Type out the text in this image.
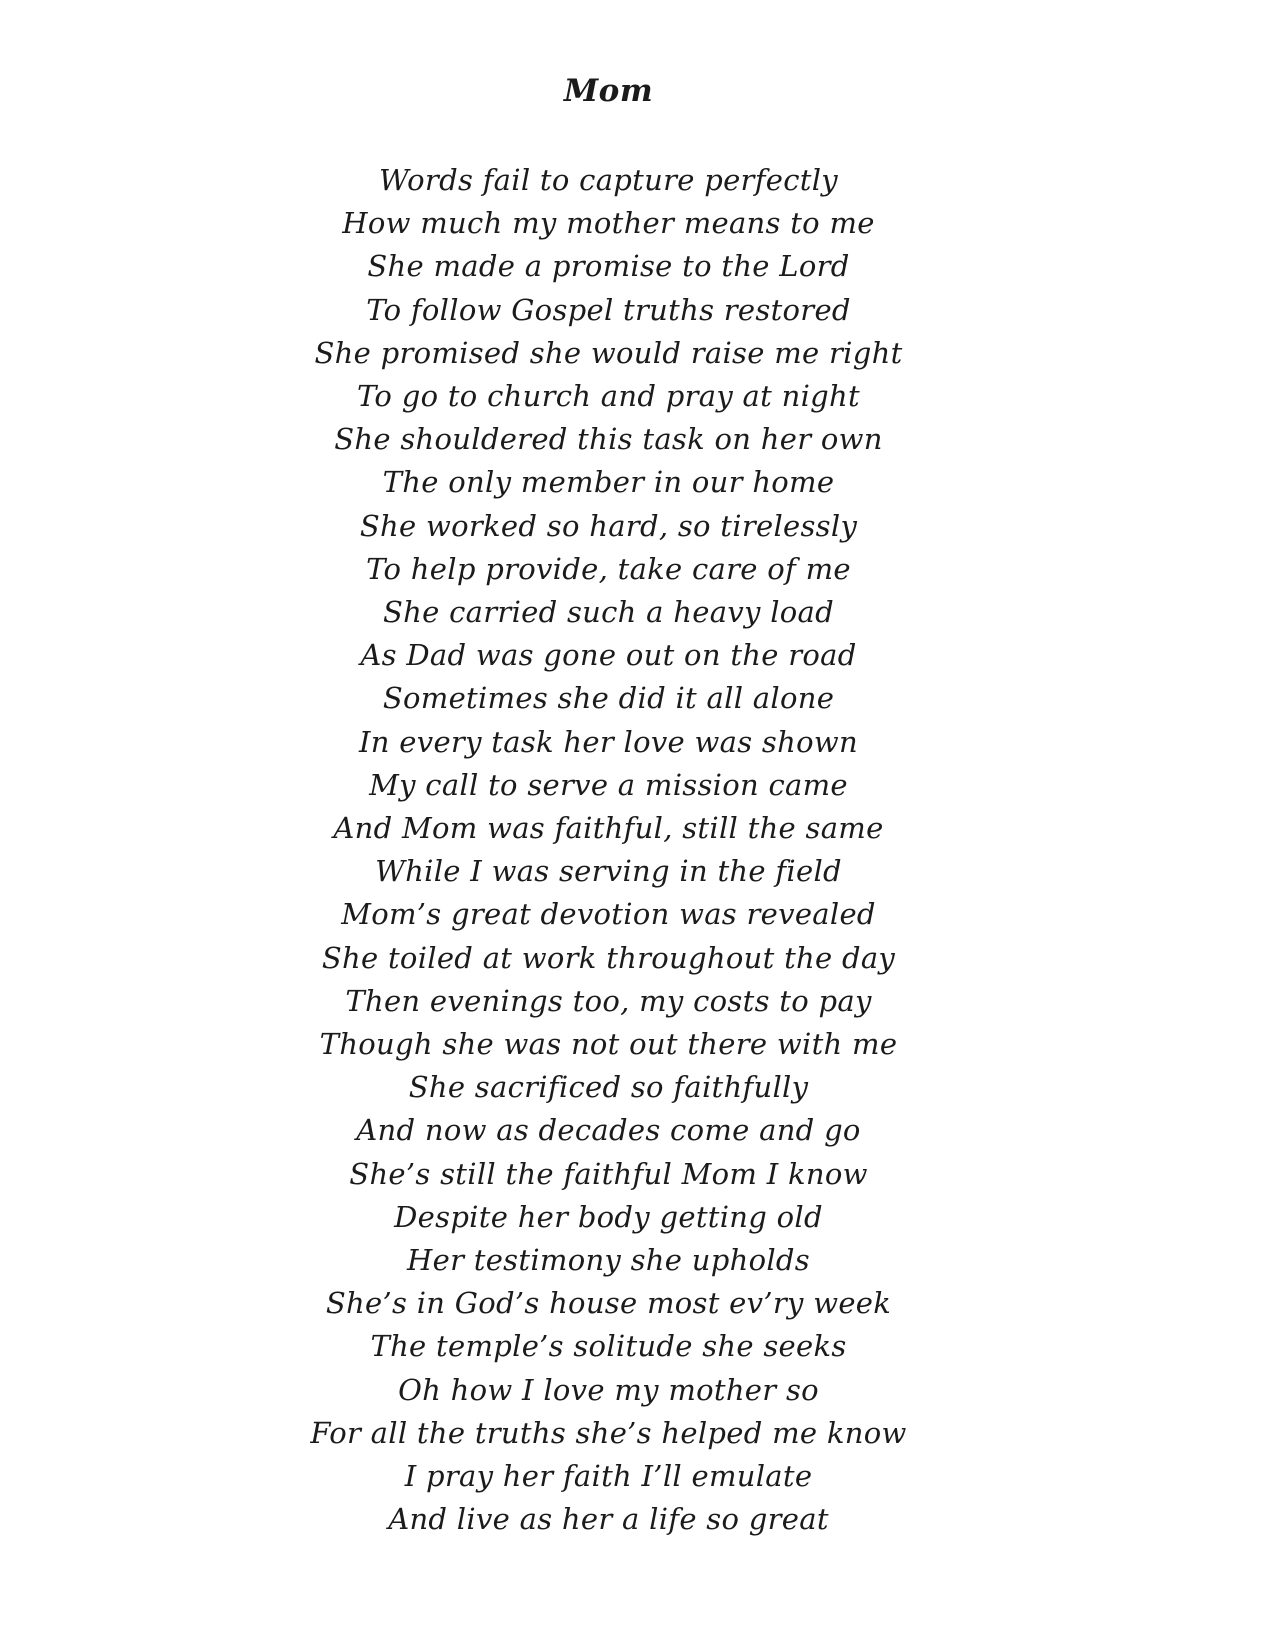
Mom
Words fail to capture perfectly
How much my mother means to me
She made a promise to the Lord
To follow Gospel truths restored
She promised she would raise me right
To go to church and pray at night
She shouldered this task on her own
The only member in our home
She worked so hard, so tirelessly
To help provide, take care of me
She carried such a heavy load
As Dad was gone out on the road
Sometimes she did it all alone
In every task her love was shown
My call to serve a mission came
And Mom was faithful, still the same
While I was serving in the field
Mom’s great devotion was revealed
She toiled at work throughout the day
Then evenings too, my costs to pay
Though she was not out there with me
She sacrificed so faithfully
And now as decades come and go
She’s still the faithful Mom I know
Despite her body getting old
Her testimony she upholds
She’s in God’s house most ev’ry week
The temple’s solitude she seeks
Oh how I love my mother so
For all the truths she’s helped me know
I pray her faith I’ll emulate
And live as her a life so great
